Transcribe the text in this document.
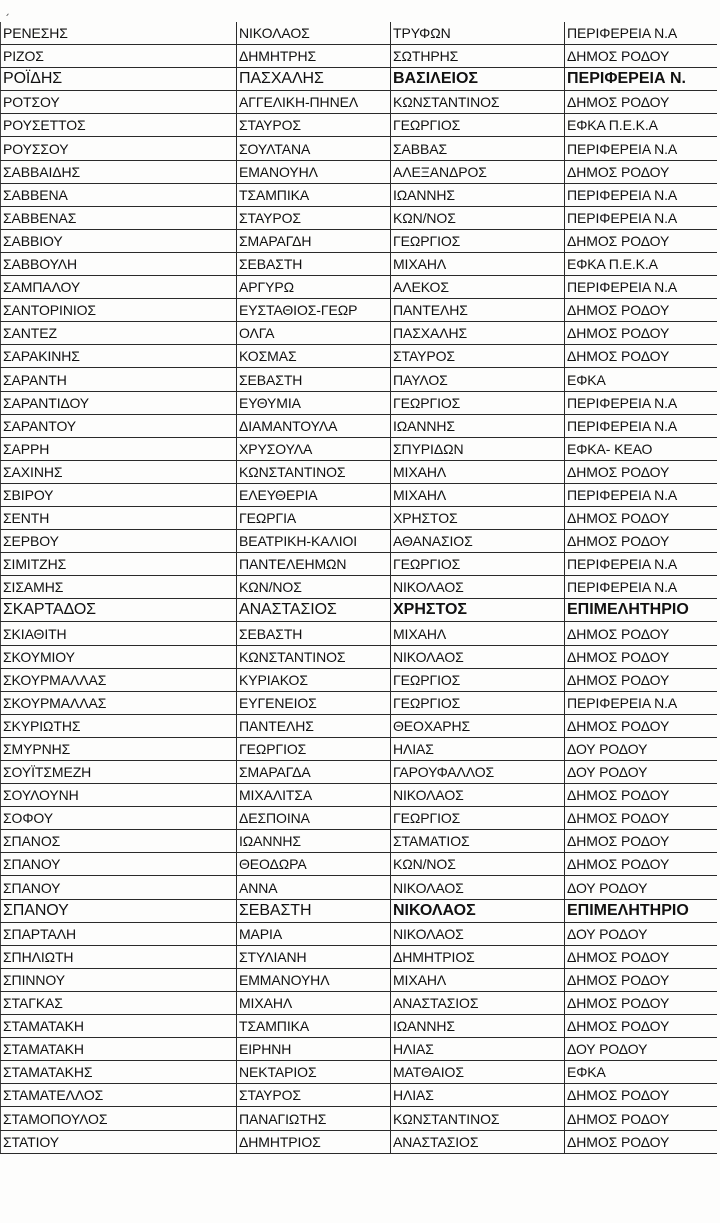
ˏ
ΡΕΝΕΣΗΣ	ΝΙΚΟΛΑΟΣ	ΤΡΥΦΩΝ	ΠΕΡΙΦΕΡΕΙΑ Ν.Α
ΡΙΖΟΣ	ΔΗΜΗΤΡΗΣ	ΣΩΤΗΡΗΣ	ΔΗΜΟΣ ΡΟΔΟΥ
ΡΟΪΔΗΣ	ΠΑΣΧΑΛΗΣ	ΒΑΣΙΛΕΙΟΣ	ΠΕΡΙΦΕΡΕΙΑ Ν.
ΡΟΤΣΟΥ	ΑΓΓΕΛΙΚΗ-ΠΗΝΕΛ	ΚΩΝΣΤΑΝΤΙΝΟΣ	ΔΗΜΟΣ ΡΟΔΟΥ
ΡΟΥΣΕΤΤΟΣ	ΣΤΑΥΡΟΣ	ΓΕΩΡΓΙΟΣ	ΕΦΚΑ Π.Ε.Κ.Α
ΡΟΥΣΣΟΥ	ΣΟΥΛΤΑΝΑ	ΣΑΒΒΑΣ	ΠΕΡΙΦΕΡΕΙΑ Ν.Α
ΣΑΒΒΑΙΔΗΣ	ΕΜΑΝΟΥΗΛ	ΑΛΕΞΑΝΔΡΟΣ	ΔΗΜΟΣ ΡΟΔΟΥ
ΣΑΒΒΕΝΑ	ΤΣΑΜΠΙΚΑ	ΙΩΑΝΝΗΣ	ΠΕΡΙΦΕΡΕΙΑ Ν.Α
ΣΑΒΒΕΝΑΣ	ΣΤΑΥΡΟΣ	ΚΩΝ/ΝΟΣ	ΠΕΡΙΦΕΡΕΙΑ Ν.Α
ΣΑΒΒΙΟΥ	ΣΜΑΡΑΓΔΗ	ΓΕΩΡΓΙΟΣ	ΔΗΜΟΣ ΡΟΔΟΥ
ΣΑΒΒΟΥΛΗ	ΣΕΒΑΣΤΗ	ΜΙΧΑΗΛ	ΕΦΚΑ Π.Ε.Κ.Α
ΣΑΜΠΑΛΟΥ	ΑΡΓΥΡΩ	ΑΛΕΚΟΣ	ΠΕΡΙΦΕΡΕΙΑ Ν.Α
ΣΑΝΤΟΡΙΝΙΟΣ	ΕΥΣΤΑΘΙΟΣ-ΓΕΩΡ	ΠΑΝΤΕΛΗΣ	ΔΗΜΟΣ ΡΟΔΟΥ
ΣΑΝΤΕΖ	ΟΛΓΑ	ΠΑΣΧΑΛΗΣ	ΔΗΜΟΣ ΡΟΔΟΥ
ΣΑΡΑΚΙΝΗΣ	ΚΟΣΜΑΣ	ΣΤΑΥΡΟΣ	ΔΗΜΟΣ ΡΟΔΟΥ
ΣΑΡΑΝΤΗ	ΣΕΒΑΣΤΗ	ΠΑΥΛΟΣ	ΕΦΚΑ
ΣΑΡΑΝΤΙΔΟΥ	ΕΥΘΥΜΙΑ	ΓΕΩΡΓΙΟΣ	ΠΕΡΙΦΕΡΕΙΑ Ν.Α
ΣΑΡΑΝΤΟΥ	ΔΙΑΜΑΝΤΟΥΛΑ	ΙΩΑΝΝΗΣ	ΠΕΡΙΦΕΡΕΙΑ Ν.Α
ΣΑΡΡΗ	ΧΡΥΣΟΥΛΑ	ΣΠΥΡΙΔΩΝ	ΕΦΚΑ- ΚΕΑΟ
ΣΑΧΙΝΗΣ	ΚΩΝΣΤΑΝΤΙΝΟΣ	ΜΙΧΑΗΛ	ΔΗΜΟΣ ΡΟΔΟΥ
ΣΒΙΡΟΥ	ΕΛΕΥΘΕΡΙΑ	ΜΙΧΑΗΛ	ΠΕΡΙΦΕΡΕΙΑ Ν.Α
ΣΕΝΤΗ	ΓΕΩΡΓΙΑ	ΧΡΗΣΤΟΣ	ΔΗΜΟΣ ΡΟΔΟΥ
ΣΕΡΒΟΥ	ΒΕΑΤΡΙΚΗ-ΚΑΛΙΟΙ	ΑΘΑΝΑΣΙΟΣ	ΔΗΜΟΣ ΡΟΔΟΥ
ΣΙΜΙΤΖΗΣ	ΠΑΝΤΕΛΕΗΜΩΝ	ΓΕΩΡΓΙΟΣ	ΠΕΡΙΦΕΡΕΙΑ Ν.Α
ΣΙΣΑΜΗΣ	ΚΩΝ/ΝΟΣ	ΝΙΚΟΛΑΟΣ	ΠΕΡΙΦΕΡΕΙΑ Ν.Α
ΣΚΑΡΤΑΔΟΣ	ΑΝΑΣΤΑΣΙΟΣ	ΧΡΗΣΤΟΣ	ΕΠΙΜΕΛΗΤΗΡΙΟ
ΣΚΙΑΘΙΤΗ	ΣΕΒΑΣΤΗ	ΜΙΧΑΗΛ	ΔΗΜΟΣ ΡΟΔΟΥ
ΣΚΟΥΜΙΟΥ	ΚΩΝΣΤΑΝΤΙΝΟΣ	ΝΙΚΟΛΑΟΣ	ΔΗΜΟΣ ΡΟΔΟΥ
ΣΚΟΥΡΜΑΛΛΑΣ	ΚΥΡΙΑΚΟΣ	ΓΕΩΡΓΙΟΣ	ΔΗΜΟΣ ΡΟΔΟΥ
ΣΚΟΥΡΜΑΛΛΑΣ	ΕΥΓΕΝΕΙΟΣ	ΓΕΩΡΓΙΟΣ	ΠΕΡΙΦΕΡΕΙΑ Ν.Α
ΣΚΥΡΙΩΤΗΣ	ΠΑΝΤΕΛΗΣ	ΘΕΟΧΑΡΗΣ	ΔΗΜΟΣ ΡΟΔΟΥ
ΣΜΥΡΝΗΣ	ΓΕΩΡΓΙΟΣ	ΗΛΙΑΣ	ΔΟΥ ΡΟΔΟΥ
ΣΟΥΪΤΣΜΕΖΗ	ΣΜΑΡΑΓΔΑ	ΓΑΡΟΥΦΑΛΛΟΣ	ΔΟΥ ΡΟΔΟΥ
ΣΟΥΛΟΥΝΗ	ΜΙΧΑΛΙΤΣΑ	ΝΙΚΟΛΑΟΣ	ΔΗΜΟΣ ΡΟΔΟΥ
ΣΟΦΟΥ	ΔΕΣΠΟΙΝΑ	ΓΕΩΡΓΙΟΣ	ΔΗΜΟΣ ΡΟΔΟΥ
ΣΠΑΝΟΣ	ΙΩΑΝΝΗΣ	ΣΤΑΜΑΤΙΟΣ	ΔΗΜΟΣ ΡΟΔΟΥ
ΣΠΑΝΟΥ	ΘΕΟΔΩΡΑ	ΚΩΝ/ΝΟΣ	ΔΗΜΟΣ ΡΟΔΟΥ
ΣΠΑΝΟΥ	ΑΝΝΑ	ΝΙΚΟΛΑΟΣ	ΔΟΥ ΡΟΔΟΥ
ΣΠΑΝΟΥ	ΣΕΒΑΣΤΗ	ΝΙΚΟΛΑΟΣ	ΕΠΙΜΕΛΗΤΗΡΙΟ
ΣΠΑΡΤΑΛΗ	ΜΑΡΙΑ	ΝΙΚΟΛΑΟΣ	ΔΟΥ ΡΟΔΟΥ
ΣΠΗΛΙΩΤΗ	ΣΤΥΛΙΑΝΗ	ΔΗΜΗΤΡΙΟΣ	ΔΗΜΟΣ ΡΟΔΟΥ
ΣΠΙΝΝΟΥ	ΕΜΜΑΝΟΥΗΛ	ΜΙΧΑΗΛ	ΔΗΜΟΣ ΡΟΔΟΥ
ΣΤΑΓΚΑΣ	ΜΙΧΑΗΛ	ΑΝΑΣΤΑΣΙΟΣ	ΔΗΜΟΣ ΡΟΔΟΥ
ΣΤΑΜΑΤΑΚΗ	ΤΣΑΜΠΙΚΑ	ΙΩΑΝΝΗΣ	ΔΗΜΟΣ ΡΟΔΟΥ
ΣΤΑΜΑΤΑΚΗ	ΕΙΡΗΝΗ	ΗΛΙΑΣ	ΔΟΥ ΡΟΔΟΥ
ΣΤΑΜΑΤΑΚΗΣ	ΝΕΚΤΑΡΙΟΣ	ΜΑΤΘΑΙΟΣ	ΕΦΚΑ
ΣΤΑΜΑΤΕΛΛΟΣ	ΣΤΑΥΡΟΣ	ΗΛΙΑΣ	ΔΗΜΟΣ ΡΟΔΟΥ
ΣΤΑΜΟΠΟΥΛΟΣ	ΠΑΝΑΓΙΩΤΗΣ	ΚΩΝΣΤΑΝΤΙΝΟΣ	ΔΗΜΟΣ ΡΟΔΟΥ
ΣΤΑΤΙΟΥ	ΔΗΜΗΤΡΙΟΣ	ΑΝΑΣΤΑΣΙΟΣ	ΔΗΜΟΣ ΡΟΔΟΥ
